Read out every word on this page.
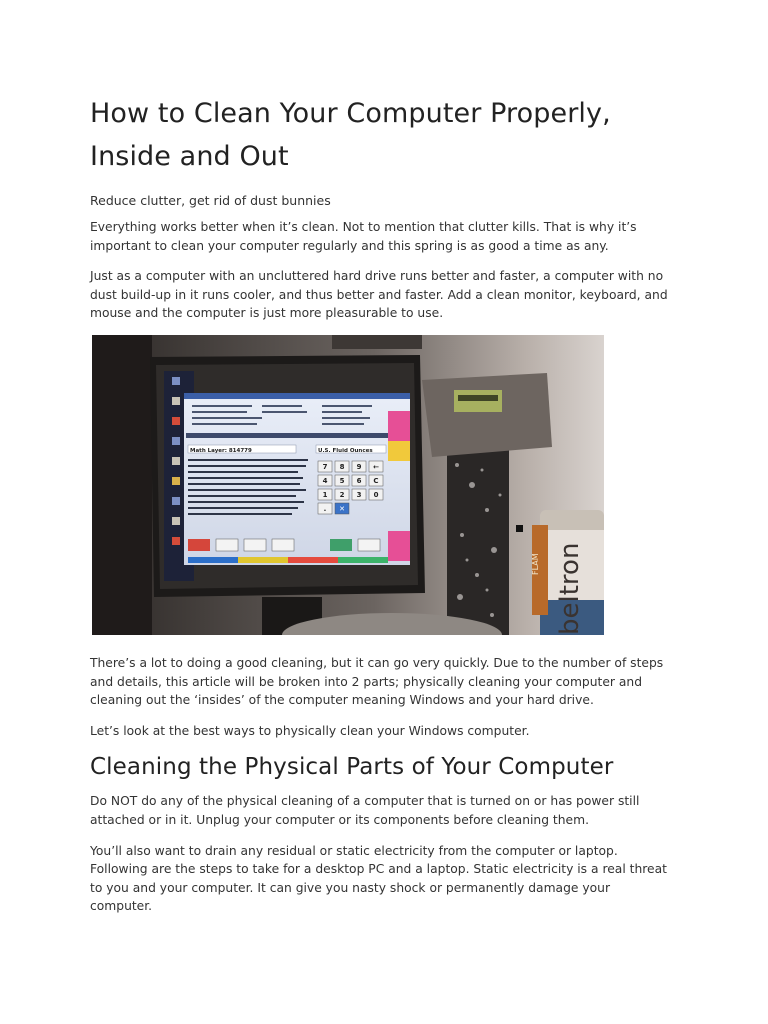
How to Clean Your Computer Properly, Inside and Out
Reduce clutter, get rid of dust bunnies

Everything works better when it’s clean. Not to mention that clutter kills. That is why it’s important to clean your computer regularly and this spring is as good a time as any.

Just as a computer with an uncluttered hard drive runs better and faster, a computer with no dust build-up in it runs cooler, and thus better and faster. Add a clean monitor, keyboard, and mouse and the computer is just more pleasurable to use.

beltron
FLAM
Math Layer: 814779	U.S. Fluid Ounces
7 8 9 ←
4 5 6 C
1 2 3 0
. ✕

There’s a lot to doing a good cleaning, but it can go very quickly. Due to the number of steps and details, this article will be broken into 2 parts; physically cleaning your computer and cleaning out the ‘insides’ of the computer meaning Windows and your hard drive.

Let’s look at the best ways to physically clean your Windows computer.

Cleaning the Physical Parts of Your Computer

Do NOT do any of the physical cleaning of a computer that is turned on or has power still attached or in it. Unplug your computer or its components before cleaning them.

You’ll also want to drain any residual or static electricity from the computer or laptop. Following are the steps to take for a desktop PC and a laptop. Static electricity is a real threat to you and your computer. It can give you nasty shock or permanently damage your computer.
